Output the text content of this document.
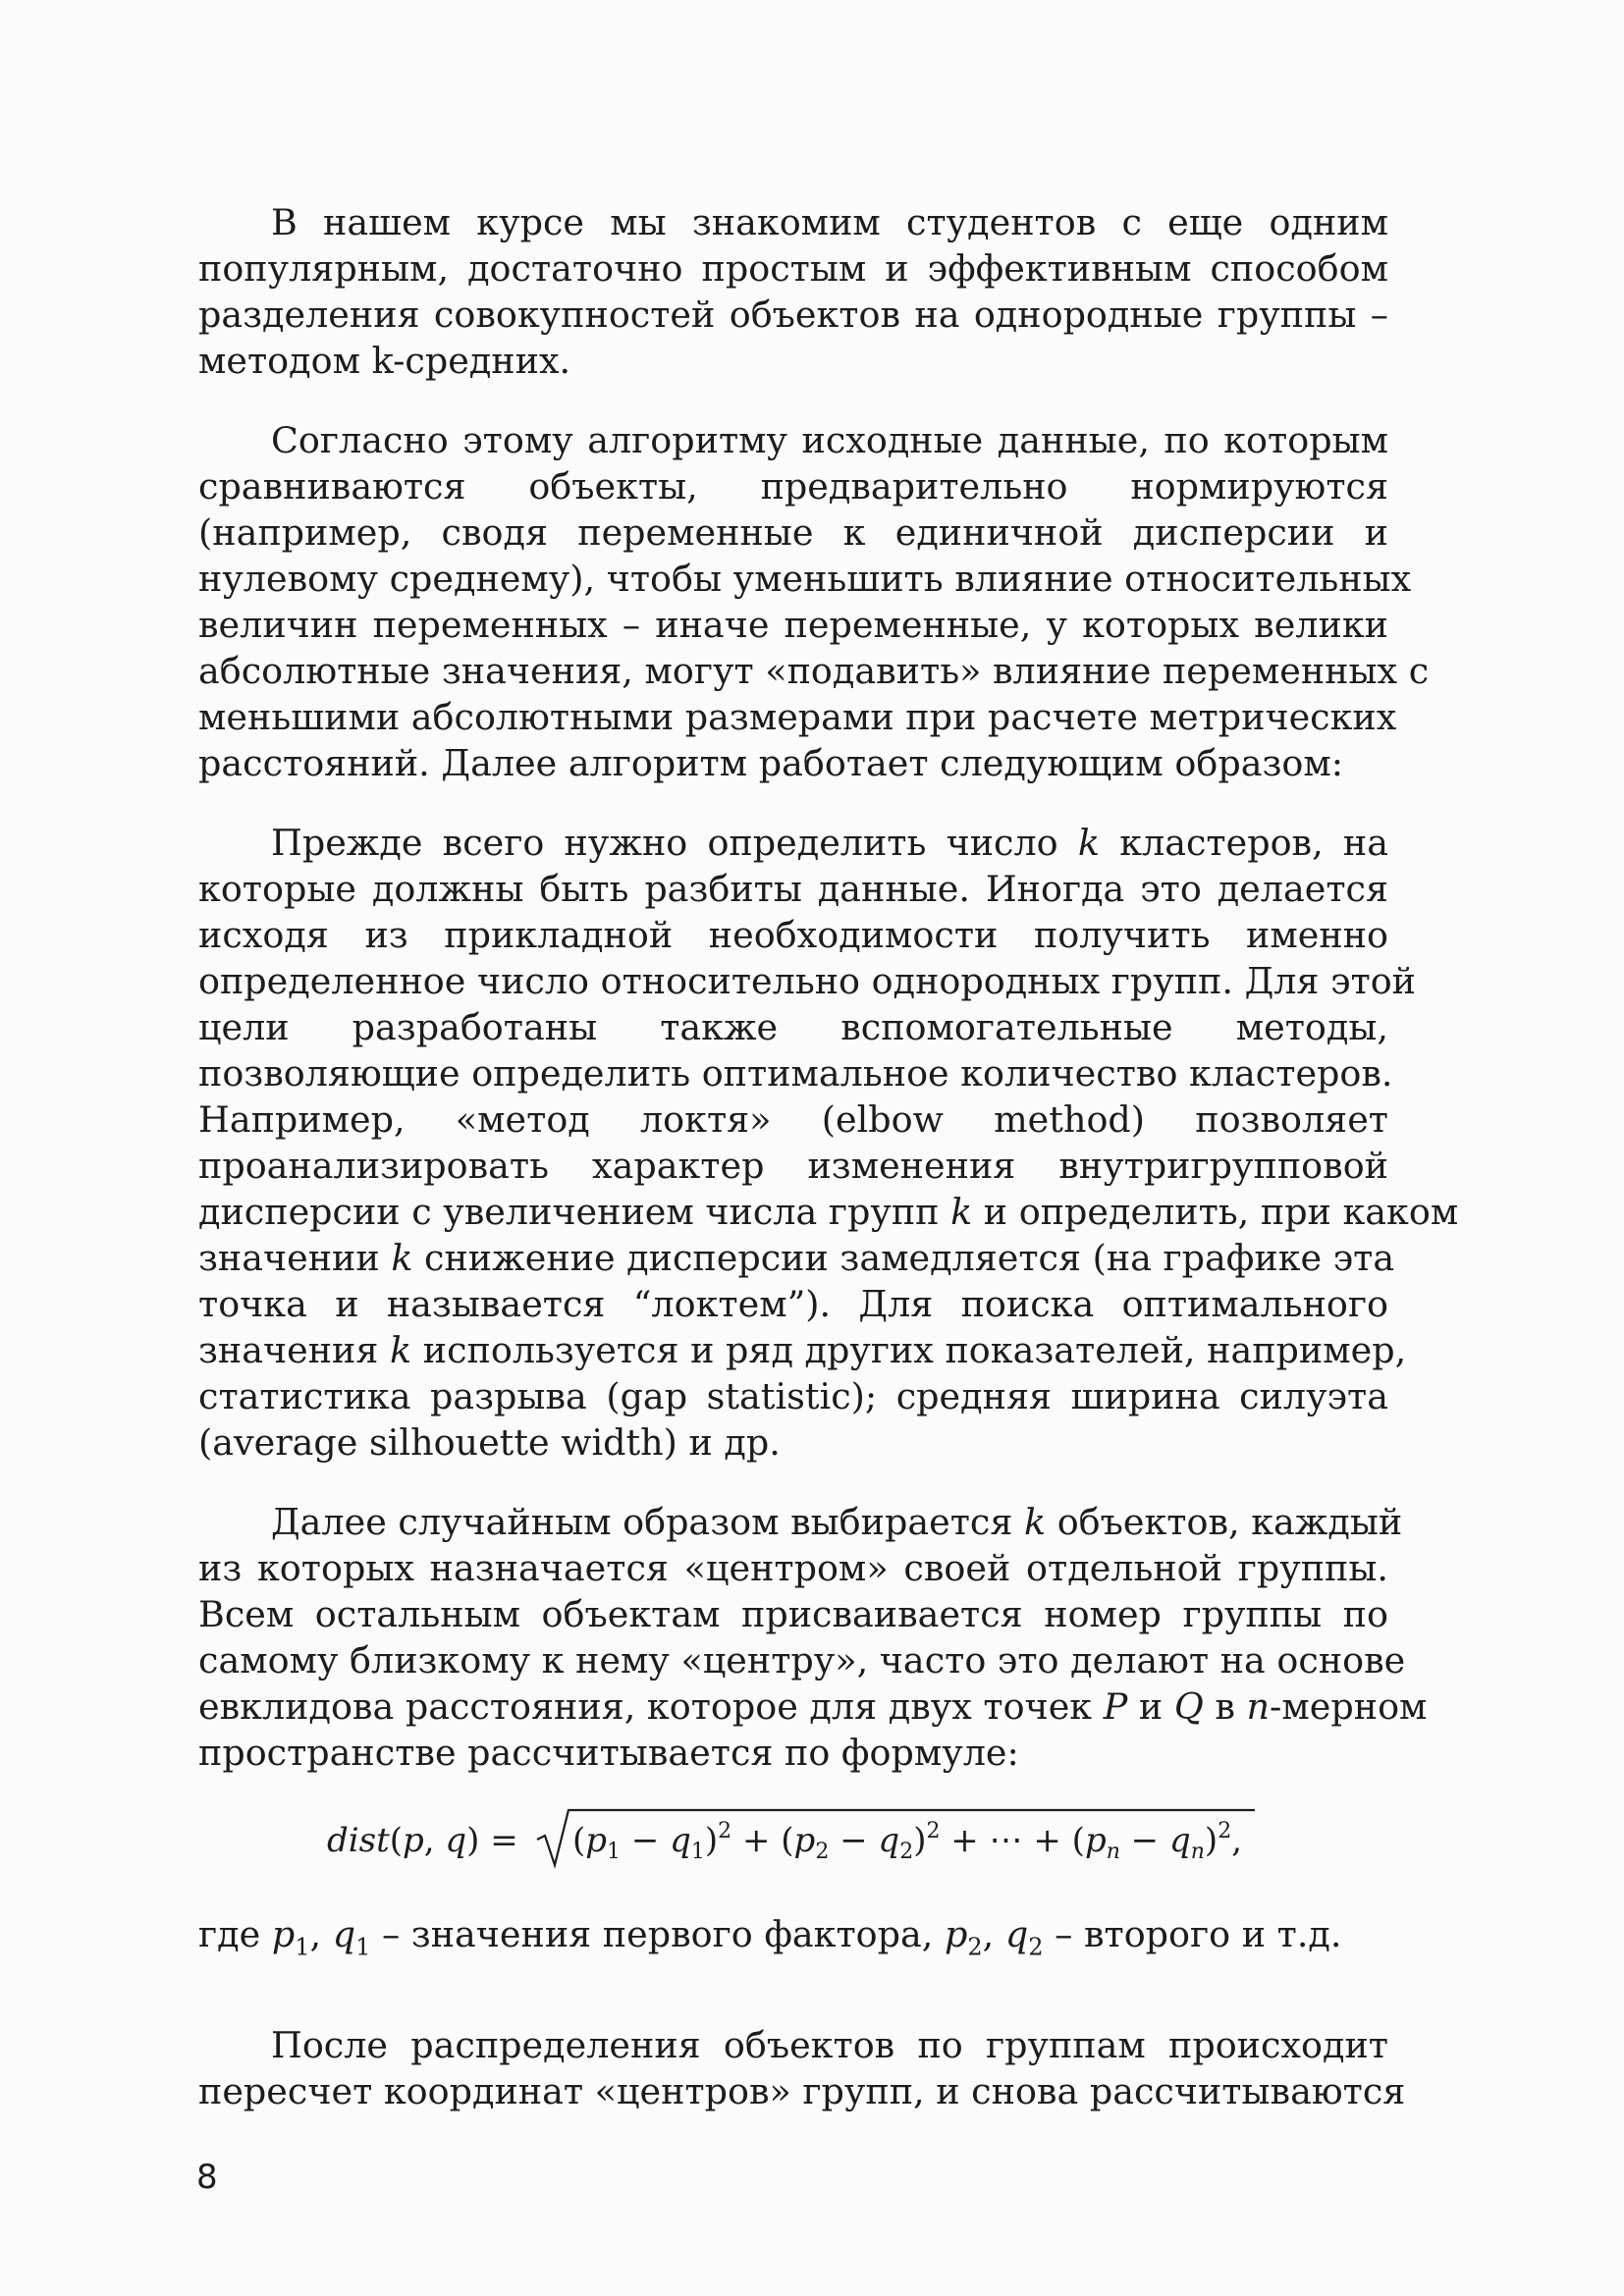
В нашем курсе мы знакомим студентов с еще одним
популярным, достаточно простым и эффективным способом
разделения совокупностей объектов на однородные группы –
методом k-средних.
Согласно этому алгоритму исходные данные, по которым
сравниваются объекты, предварительно нормируются
(например, сводя переменные к единичной дисперсии и
нулевому среднему), чтобы уменьшить влияние относительных
величин переменных – иначе переменные, у которых велики
абсолютные значения, могут «подавить» влияние переменных с
меньшими абсолютными размерами при расчете метрических
расстояний. Далее алгоритм работает следующим образом:
Прежде всего нужно определить число k кластеров, на
которые должны быть разбиты данные. Иногда это делается
исходя из прикладной необходимости получить именно
определенное число относительно однородных групп. Для этой
цели разработаны также вспомогательные методы,
позволяющие определить оптимальное количество кластеров.
Например, «метод локтя» (elbow method) позволяет
проанализировать характер изменения внутригрупповой
дисперсии с увеличением числа групп k и определить, при каком
значении k снижение дисперсии замедляется (на графике эта
точка и называется “локтем”). Для поиска оптимального
значения k используется и ряд других показателей, например,
статистика разрыва (gap statistic); средняя ширина силуэта
(average silhouette width) и др.
Далее случайным образом выбирается k объектов, каждый
из которых назначается «центром» своей отдельной группы.
Всем остальным объектам присваивается номер группы по
самому близкому к нему «центру», часто это делают на основе
евклидова расстояния, которое для двух точек P и Q в n-мерном
пространстве рассчитывается по формуле:
dist(p, $q) = (p_1 - q_1)^2 + (p_2 - q_2)^2$ + ⋯ + $(p_n - q_n)^2$,
где $p_1$, $q_1$ – значения первого фактора, $p_2$, $q_2$ – второго и т.д.
После распределения объектов по группам происходит
пересчет координат «центров» групп, и снова рассчитываются
8
